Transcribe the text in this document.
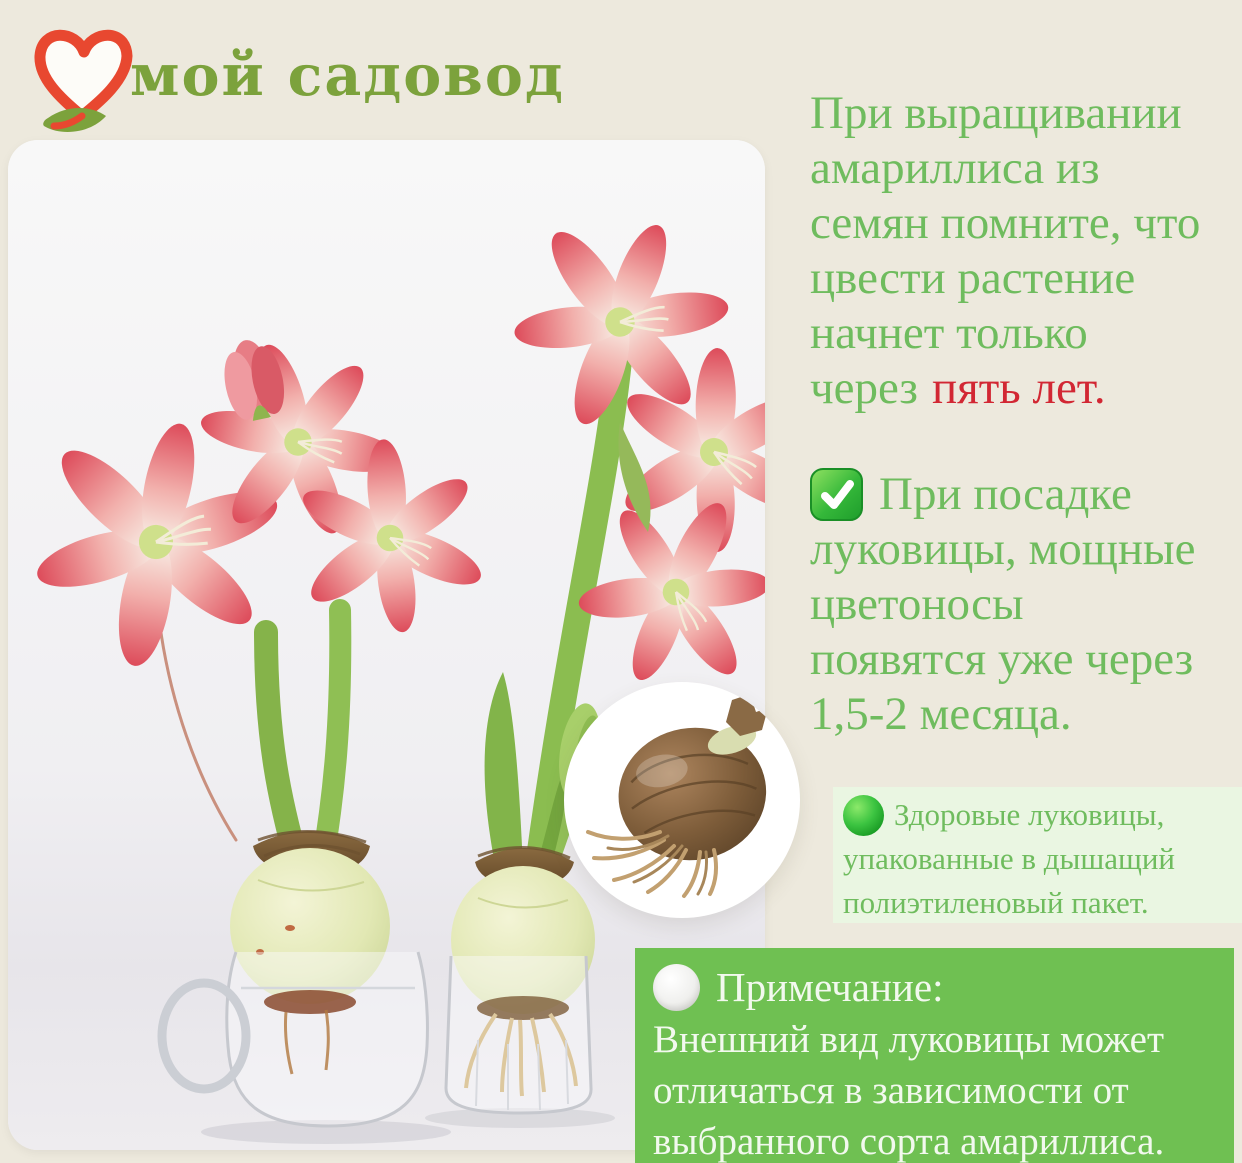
мой садовод
При выращивании
амариллиса из
семян помните, что
цвести растение
начнет только
через пять лет.
При посадке
луковицы, мощные
цветоносы
появятся уже через
1,5-2 месяца.
Здоровые луковицы,
упакованные в дышащий
полиэтиленовый пакет.
Примечание:
Внешний вид луковицы может
отличаться в зависимости от
выбранного сорта амариллиса.
